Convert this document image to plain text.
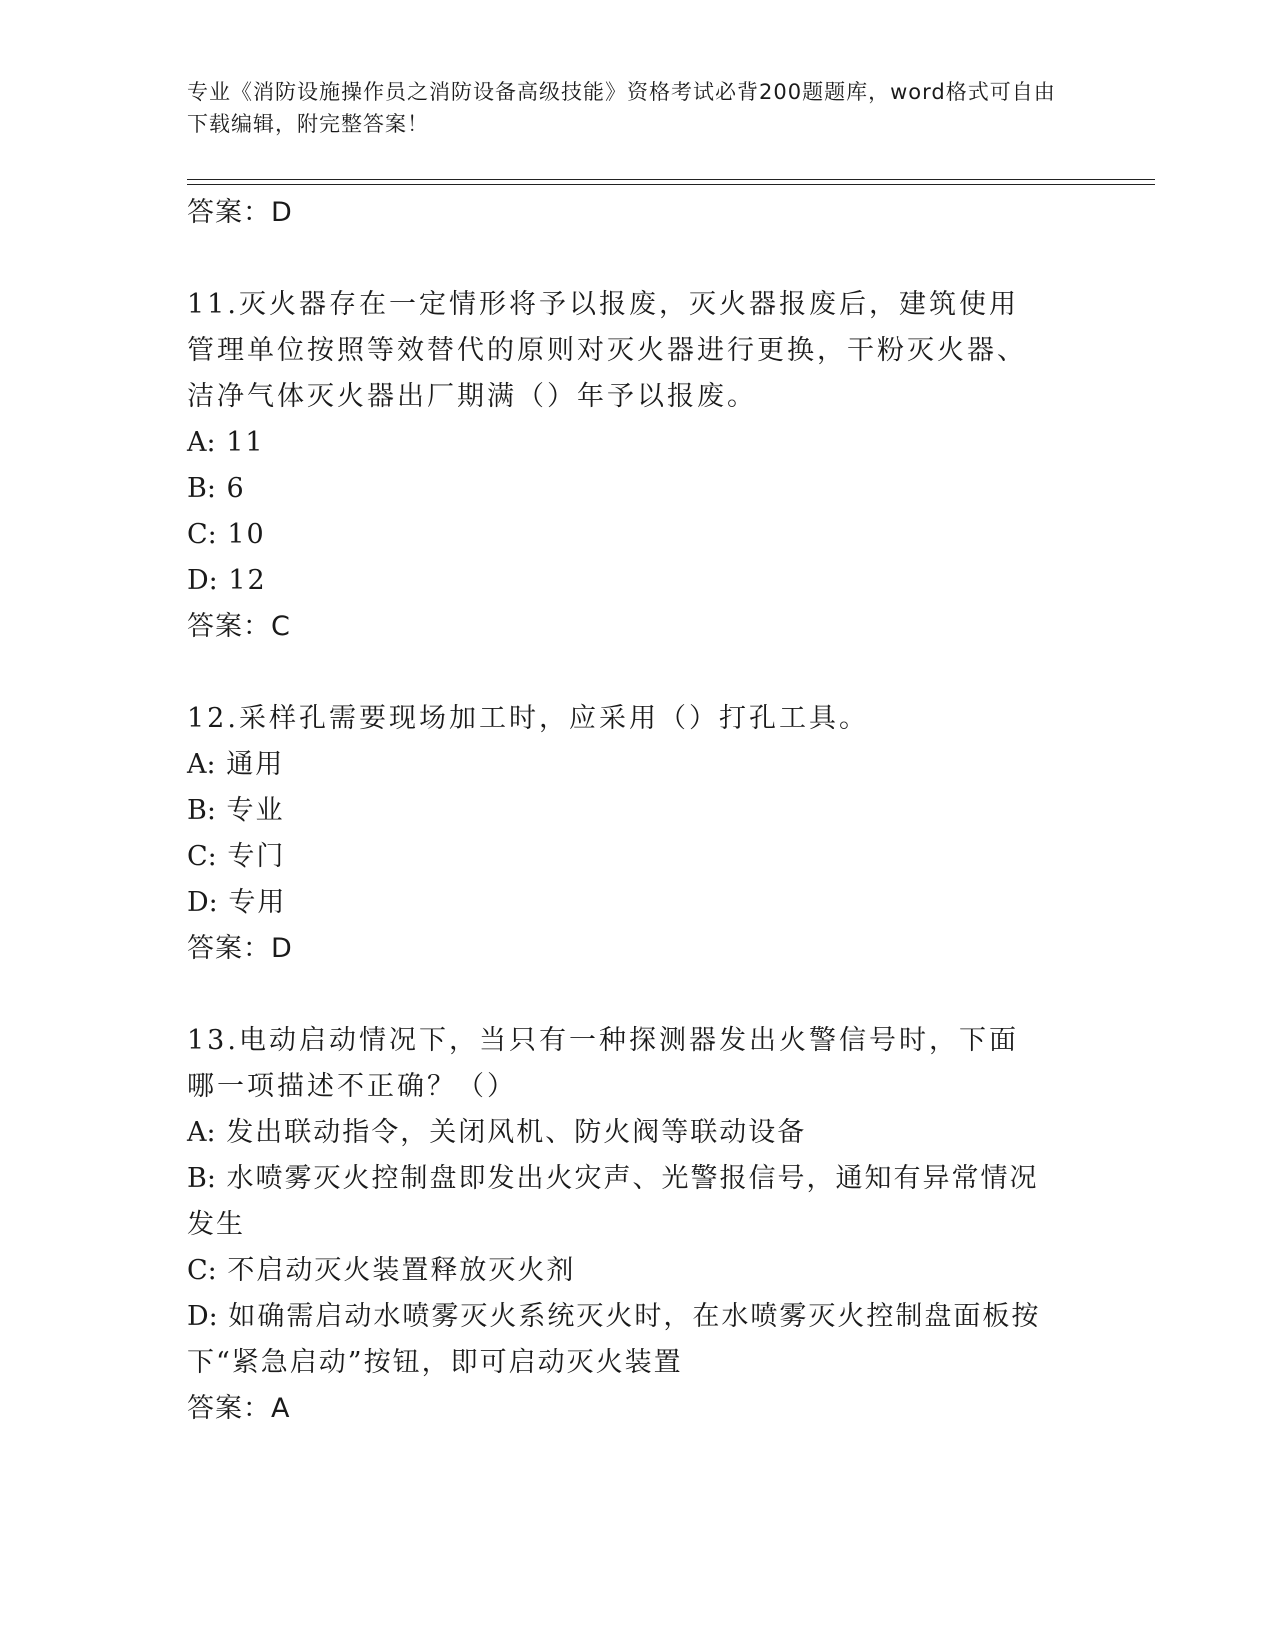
专业《消防设施操作员之消防设备高级技能》资格考试必背200题题库，word格式可自由下载编辑，附完整答案！
答案：D
11.灭火器存在一定情形将予以报废，灭火器报废后，建筑使用管理单位按照等效替代的原则对灭火器进行更换，干粉灭火器、洁净气体灭火器出厂期满（）年予以报废。
A: 11
B: 6
C: 10
D: 12
答案：C
12.采样孔需要现场加工时，应采用（）打孔工具。
A: 通用
B: 专业
C: 专门
D: 专用
答案：D
13.电动启动情况下，当只有一种探测器发出火警信号时，下面哪一项描述不正确？（）
A: 发出联动指令，关闭风机、防火阀等联动设备
B: 水喷雾灭火控制盘即发出火灾声、光警报信号，通知有异常情况发生
C: 不启动灭火装置释放灭火剂
D: 如确需启动水喷雾灭火系统灭火时，在水喷雾灭火控制盘面板按下“紧急启动”按钮，即可启动灭火装置
答案：A
